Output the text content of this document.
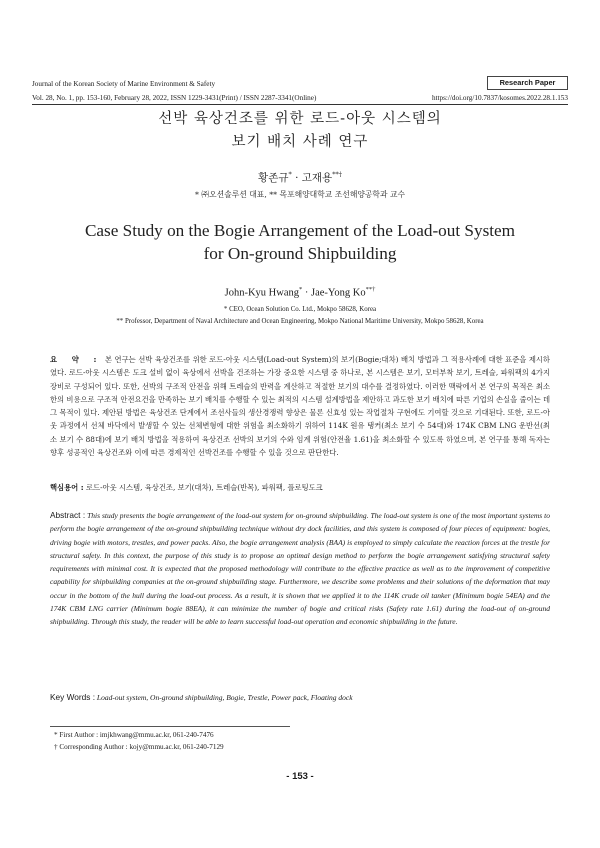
Journal of the Korean Society of Marine Environment & Safety	Research Paper
Vol. 28, No. 1, pp. 153-160, February 28, 2022, ISSN 1229-3431(Print) / ISSN 2287-3341(Online)	https://doi.org/10.7837/kosomes.2022.28.1.153
선박 육상건조를 위한 로드-아웃 시스템의
보기 배치 사례 연구
황존규* · 고재용**†
* ㈜오션솔루션 대표, ** 목포해양대학교 조선해양공학과 교수
Case Study on the Bogie Arrangement of the Load-out System
for On-ground Shipbuilding
John-Kyu Hwang* · Jae-Yong Ko**†
* CEO, Ocean Solution Co. Ltd., Mokpo 58628, Korea
** Professor, Department of Naval Architecture and Ocean Engineering, Mokpo National Maritime University, Mokpo 58628, Korea
요 약 : 본 연구는 선박 육상건조를 위한 로드-아웃 시스템(Load-out System)의 보기(Bogie;대차) 배치 방법과 그 적용사례에 대한 표준을 제시하였다. 로드-아웃 시스템은 도크 설비 없이 육상에서 선박을 건조하는 가장 중요한 시스템 중 하나로, 본 시스템은 보기, 모터부착 보기, 트레슬, 파워팩의 4가지 장비로 구성되어 있다. 또한, 선박의 구조적 안전을 위해 트레슬의 반력을 계산하고 적절한 보기의 대수를 결정하였다. 이러한 맥락에서 본 연구의 목적은 최소한의 비용으로 구조적 안전요건을 만족하는 보기 배치를 수행할 수 있는 최적의 시스템 설계방법을 제안하고 과도한 보기 배치에 따른 기업의 손실을 줄이는 데 그 목적이 있다. 제안된 방법은 육상건조 단계에서 조선사들의 생산경쟁력 향상은 물론 신효성 있는 작업절차 구현에도 기여할 것으로 기대된다. 또한, 로드-아웃 과정에서 선체 바닥에서 발생할 수 있는 선체변형에 대한 위험을 최소화하기 위하여 114K 원유 탱커(최소 보기 수 54대)와 174K CBM LNG 운반선(최소 보기 수 88대)에 보기 배치 방법을 적용하여 육상건조 선박의 보기의 수와 임계 위험(안전율 1.61)을 최소화할 수 있도록 하였으며, 본 연구를 통해 독자는 향후 성공적인 육상건조와 이에 따른 경제적인 선박건조를 수행할 수 있을 것으로 판단한다.
핵심용어 : 로드-아웃 시스템, 육상건조, 보기(대차), 트레슬(반목), 파워팩, 플로팅도크
Abstract : This study presents the bogie arrangement of the load-out system for on-ground shipbuilding. The load-out system is one of the most important systems to perform the bogie arrangement of the on-ground shipbuilding technique without dry dock facilities, and this system is composed of four pieces of equipment: bogies, driving bogie with motors, trestles, and power packs. Also, the bogie arrangement analysis (BAA) is employed to simply calculate the reaction forces at the trestle for structural safety. In this context, the purpose of this study is to propose an optimal design method to perform the bogie arrangement satisfying structural safety requirements with minimal cost. It is expected that the proposed methodology will contribute to the effective practice as well as to the improvement of competitive capability for shipbuilding companies at the on-ground shipbuilding stage. Furthermore, we describe some problems and their solutions of the deformation that may occur in the bottom of the hull during the load-out process. As a result, it is shown that we applied it to the 114K crude oil tanker (Minimum bogie 54EA) and the 174K CBM LNG carrier (Minimum bogie 88EA), it can minimize the number of bogie and critical risks (Safety rate 1.61) during the load-out of on-ground shipbuilding. Through this study, the reader will be able to learn successful load-out operation and economic shipbuilding in the future.
Key Words : Load-out system, On-ground shipbuilding, Bogie, Trestle, Power pack, Floating dock
* First Author : imjkhwang@mmu.ac.kr, 061-240-7476
† Corresponding Author : kojy@mmu.ac.kr, 061-240-7129
- 153 -
